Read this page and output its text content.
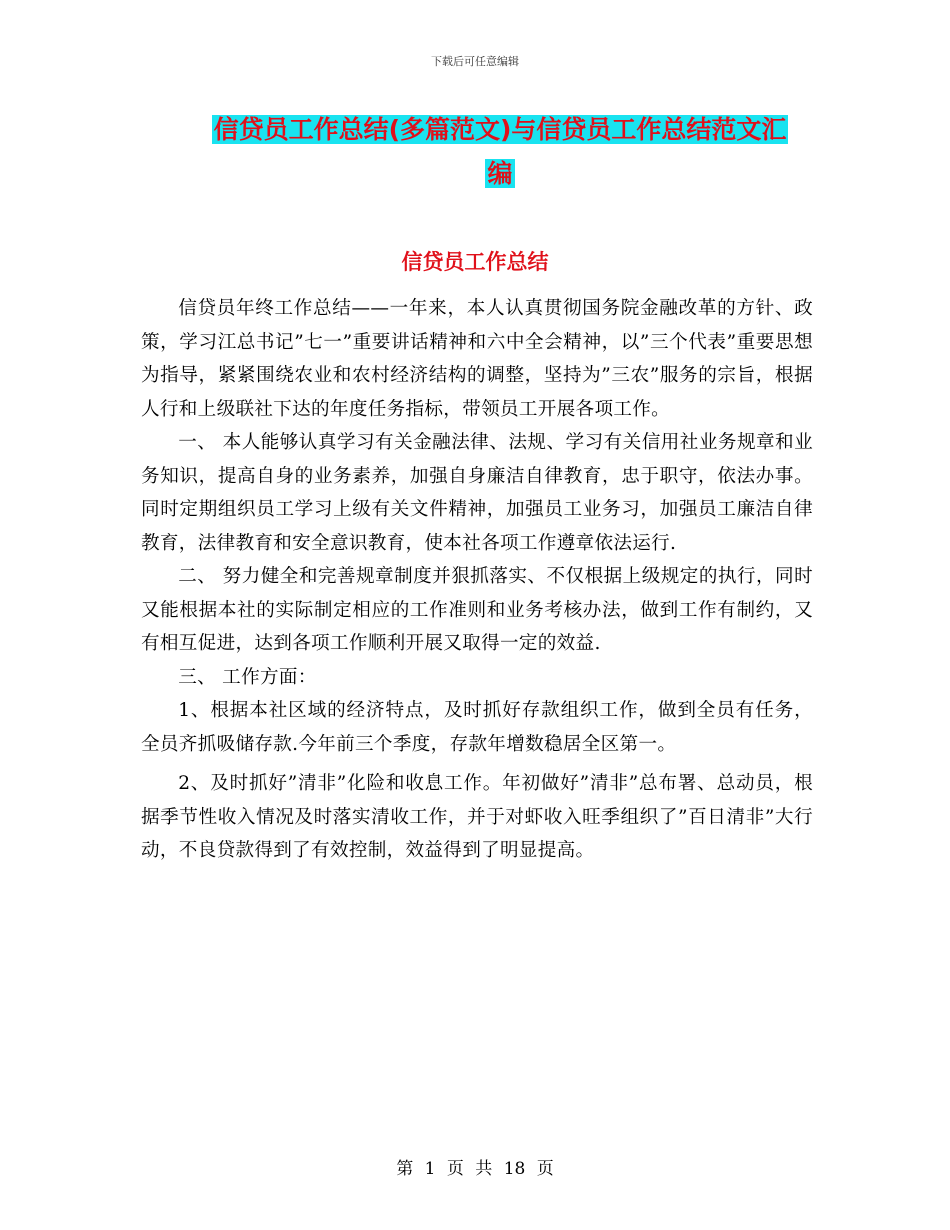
下载后可任意编辑
信贷员工作总结(多篇范文)与信贷员工作总结范文汇
编
信贷员工作总结

信贷员年终工作总结——一年来，本人认真贯彻国务院金融改革的方针、政策，学习江总书记”七一”重要讲话精神和六中全会精神，以”三个代表”重要思想为指导，紧紧围绕农业和农村经济结构的调整，坚持为”三农”服务的宗旨，根据人行和上级联社下达的年度任务指标，带领员工开展各项工作。

一、 本人能够认真学习有关金融法律、法规、学习有关信用社业务规章和业务知识，提高自身的业务素养，加强自身廉洁自律教育，忠于职守，依法办事。同时定期组织员工学习上级有关文件精神，加强员工业务习，加强员工廉洁自律教育，法律教育和安全意识教育，使本社各项工作遵章依法运行.

二、 努力健全和完善规章制度并狠抓落实、不仅根据上级规定的执行，同时又能根据本社的实际制定相应的工作准则和业务考核办法，做到工作有制约，又有相互促进，达到各项工作顺利开展又取得一定的效益.

三、 工作方面：

1、根据本社区域的经济特点，及时抓好存款组织工作，做到全员有任务，全员齐抓吸储存款.今年前三个季度，存款年增数稳居全区第一。

2、及时抓好”清非”化险和收息工作。年初做好”清非”总布署、总动员，根据季节性收入情况及时落实清收工作，并于对虾收入旺季组织了”百日清非”大行动，不良贷款得到了有效控制，效益得到了明显提高。

第 1 页 共 18 页
